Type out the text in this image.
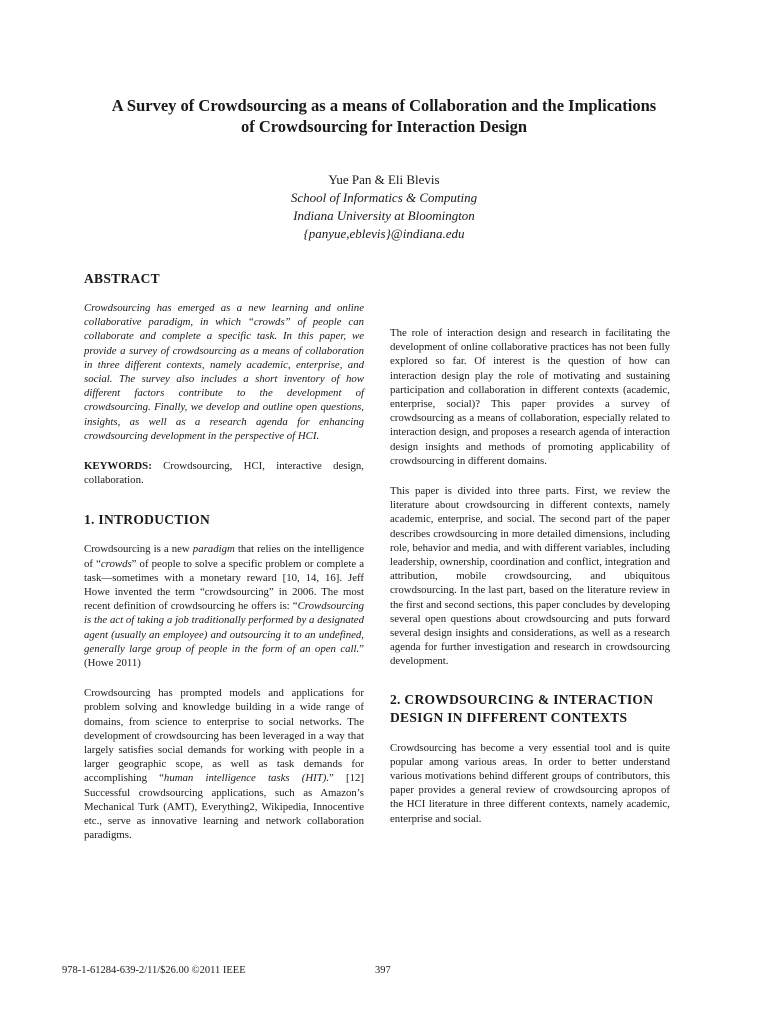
A Survey of Crowdsourcing as a means of Collaboration and the Implications
of Crowdsourcing for Interaction Design
Yue Pan & Eli Blevis
School of Informatics & Computing
Indiana University at Bloomington
{panyue,eblevis}@indiana.edu
ABSTRACT

Crowdsourcing has emerged as a new learning and online collaborative paradigm, in which “crowds” of people can collaborate and complete a specific task. In this paper, we provide a survey of crowdsourcing as a means of collaboration in three different contexts, namely academic, enterprise, and social. The survey also includes a short inventory of how different factors contribute to the development of crowdsourcing. Finally, we develop and outline open questions, insights, as well as a research agenda for enhancing crowdsourcing development in the perspective of HCI.

KEYWORDS: Crowdsourcing, HCI, interactive design, collaboration.

1. INTRODUCTION

Crowdsourcing is a new paradigm that relies on the intelligence of “crowds” of people to solve a specific problem or complete a task—sometimes with a monetary reward [10, 14, 16]. Jeff Howe invented the term “crowdsourcing” in 2006. The most recent definition of crowdsourcing he offers is: “Crowdsourcing is the act of taking a job traditionally performed by a designated agent (usually an employee) and outsourcing it to an undefined, generally large group of people in the form of an open call.” (Howe 2011)

Crowdsourcing has prompted models and applications for problem solving and knowledge building in a wide range of domains, from science to enterprise to social networks. The development of crowdsourcing has been leveraged in a way that largely satisfies social demands for working with people in a larger geographic scope, as well as task demands for accomplishing “human intelligence tasks (HIT).” [12] Successful crowdsourcing applications, such as Amazon’s Mechanical Turk (AMT), Everything2, Wikipedia, Innocentive etc., serve as innovative learning and network collaboration paradigms.

The role of interaction design and research in facilitating the development of online collaborative practices has not been fully explored so far. Of interest is the question of how can interaction design play the role of motivating and sustaining participation and collaboration in different contexts (academic, enterprise, social)? This paper provides a survey of crowdsourcing as a means of collaboration, especially related to interaction design, and proposes a research agenda of interaction design insights and methods of promoting applicability of crowdsourcing in different domains.

This paper is divided into three parts. First, we review the literature about crowdsourcing in different contexts, namely academic, enterprise, and social. The second part of the paper describes crowdsourcing in more detailed dimensions, including role, behavior and media, and with different variables, including leadership, ownership, coordination and conflict, integration and attribution, mobile crowdsourcing, and ubiquitous crowdsourcing. In the last part, based on the literature review in the first and second sections, this paper concludes by developing several open questions about crowdsourcing and puts forward several design insights and considerations, as well as a research agenda for further investigation and research in crowdsourcing development.

2. CROWDSOURCING & INTERACTION DESIGN IN DIFFERENT CONTEXTS

Crowdsourcing has become a very essential tool and is quite popular among various areas. In order to better understand various motivations behind different groups of contributors, this paper provides a general review of crowdsourcing apropos of the HCI literature in three different contexts, namely academic, enterprise and social.

978-1-61284-639-2/11/$26.00 ©2011 IEEE	397
